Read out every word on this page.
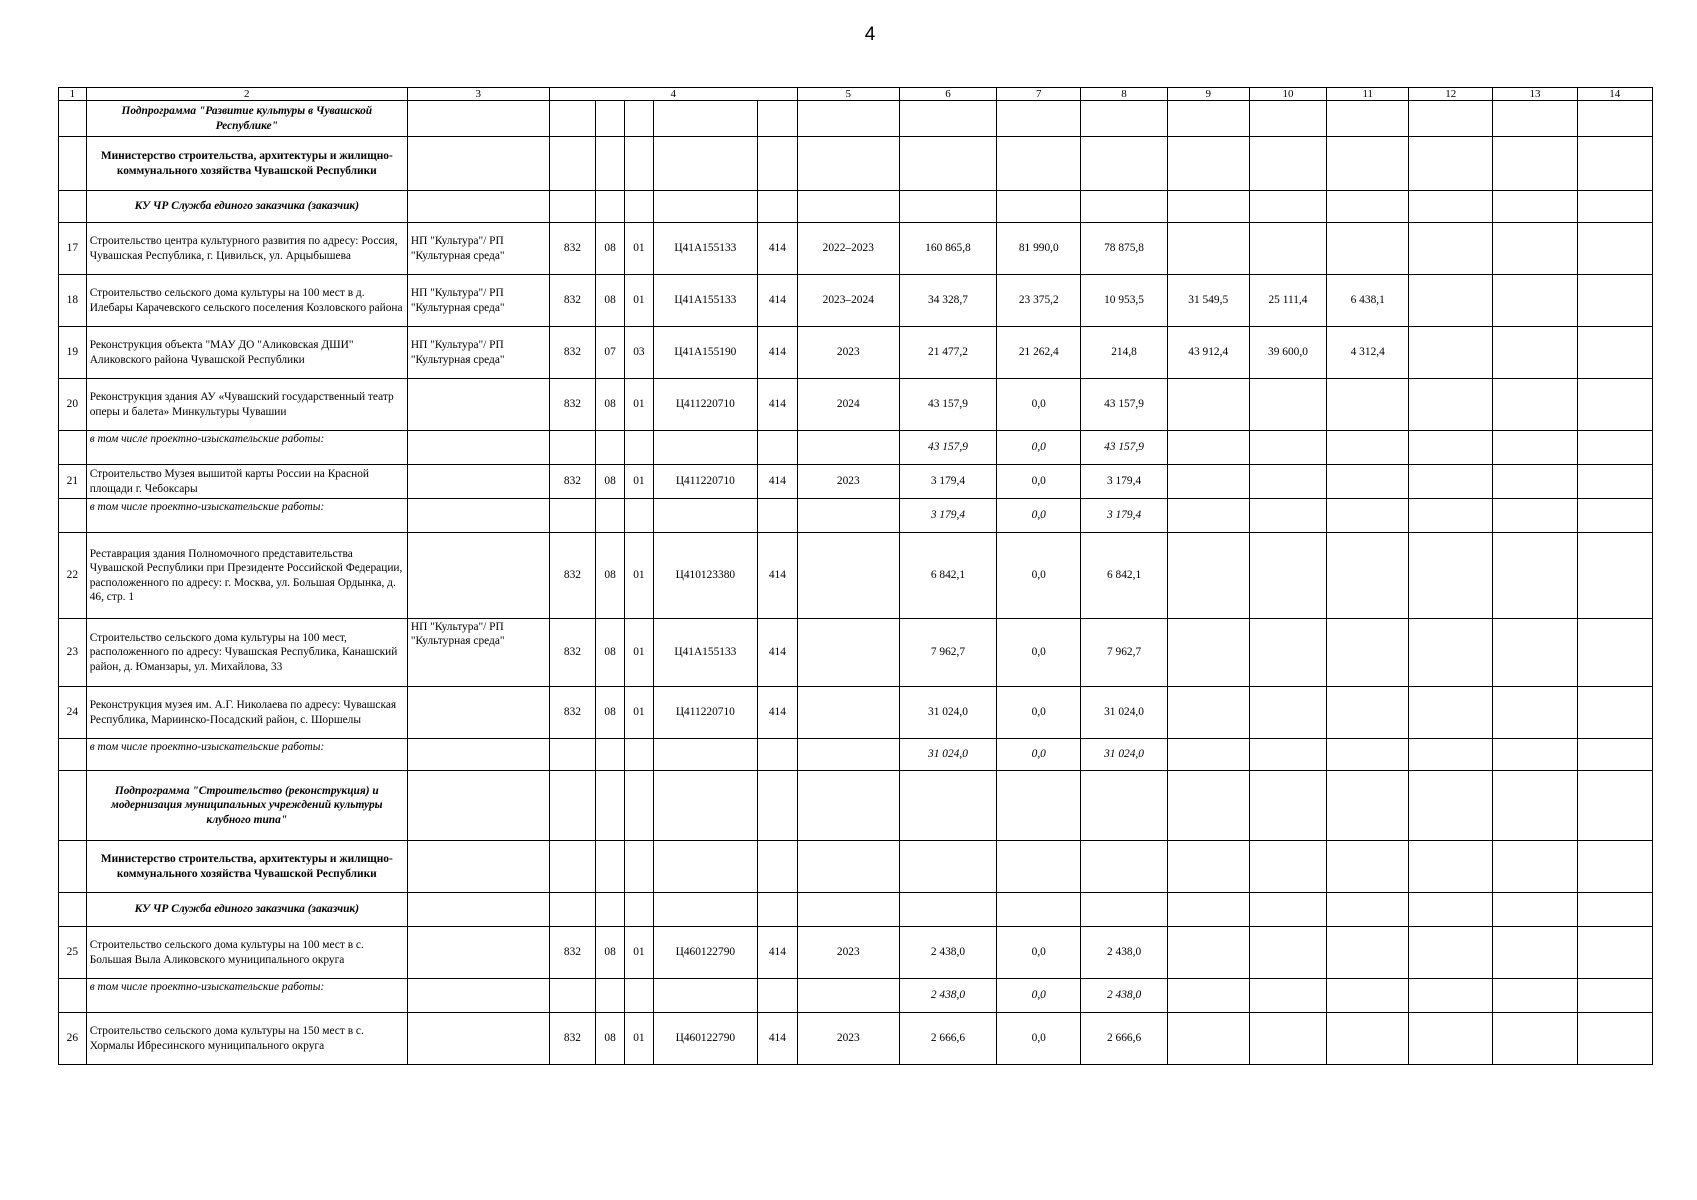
4
1	2	3	4					5	6	7	8	9	10	11	12	13	14
	Подпрограмма "Развитие культуры в Чувашской Республике"																
	Министерство строительства, архитектуры и жилищно-коммунального хозяйства Чувашской Республики																
	КУ ЧР Служба единого заказчика (заказчик)																
17	Строительство центра культурного развития по адресу: Россия, Чувашская Республика, г. Цивильск, ул. Арцыбышева	НП "Культура"/ РП "Культурная среда"	832	08	01	Ц41А155133	414	2022–2023	160 865,8	81 990,0	78 875,8						
18	Строительство сельского дома культуры на 100 мест в д. Илебары Карачевского сельского поселения Козловского района	НП "Культура"/ РП "Культурная среда"	832	08	01	Ц41А155133	414	2023–2024	34 328,7	23 375,2	10 953,5	31 549,5	25 111,4	6 438,1			
19	Реконструкция объекта "МАУ ДО "Аликовская ДШИ" Аликовского района Чувашской Республики	НП "Культура"/ РП "Культурная среда"	832	07	03	Ц41А155190	414	2023	21 477,2	21 262,4	214,8	43 912,4	39 600,0	4 312,4			
20	Реконструкция здания АУ «Чувашский государственный театр оперы и балета» Минкультуры Чувашии		832	08	01	Ц411220710	414	2024	43 157,9	0,0	43 157,9						
	в том числе проектно-изыскательские работы:								43 157,9	0,0	43 157,9						
21	Строительство Музея вышитой карты России на Красной площади г. Чебоксары		832	08	01	Ц411220710	414	2023	3 179,4	0,0	3 179,4						
	в том числе проектно-изыскательские работы:								3 179,4	0,0	3 179,4						
22	Реставрация здания Полномочного представительства Чувашской Республики при Президенте Российской Федерации, расположенного по адресу: г. Москва, ул. Большая Ордынка, д. 46, стр. 1		832	08	01	Ц410123380	414		6 842,1	0,0	6 842,1						
23	Строительство сельского дома культуры на 100 мест, расположенного по адресу: Чувашская Республика, Канашский район, д. Юманзары, ул. Михайлова, 33	НП "Культура"/ РП "Культурная среда"	832	08	01	Ц41А155133	414		7 962,7	0,0	7 962,7						
24	Реконструкция музея им. А.Г. Николаева по адресу: Чувашская Республика, Мариинско-Посадский район, с. Шоршелы		832	08	01	Ц411220710	414		31 024,0	0,0	31 024,0						
	в том числе проектно-изыскательские работы:								31 024,0	0,0	31 024,0						
	Подпрограмма "Строительство (реконструкция) и модернизация муниципальных учреждений культуры клубного типа"																
	Министерство строительства, архитектуры и жилищно-коммунального хозяйства Чувашской Республики																
	КУ ЧР Служба единого заказчика (заказчик)																
25	Строительство сельского дома культуры на 100 мест в с. Большая Выла Аликовского муниципального округа		832	08	01	Ц460122790	414	2023	2 438,0	0,0	2 438,0						
	в том числе проектно-изыскательские работы:								2 438,0	0,0	2 438,0						
26	Строительство сельского дома культуры на 150 мест в с. Хормалы Ибресинского муниципального округа		832	08	01	Ц460122790	414	2023	2 666,6	0,0	2 666,6						
